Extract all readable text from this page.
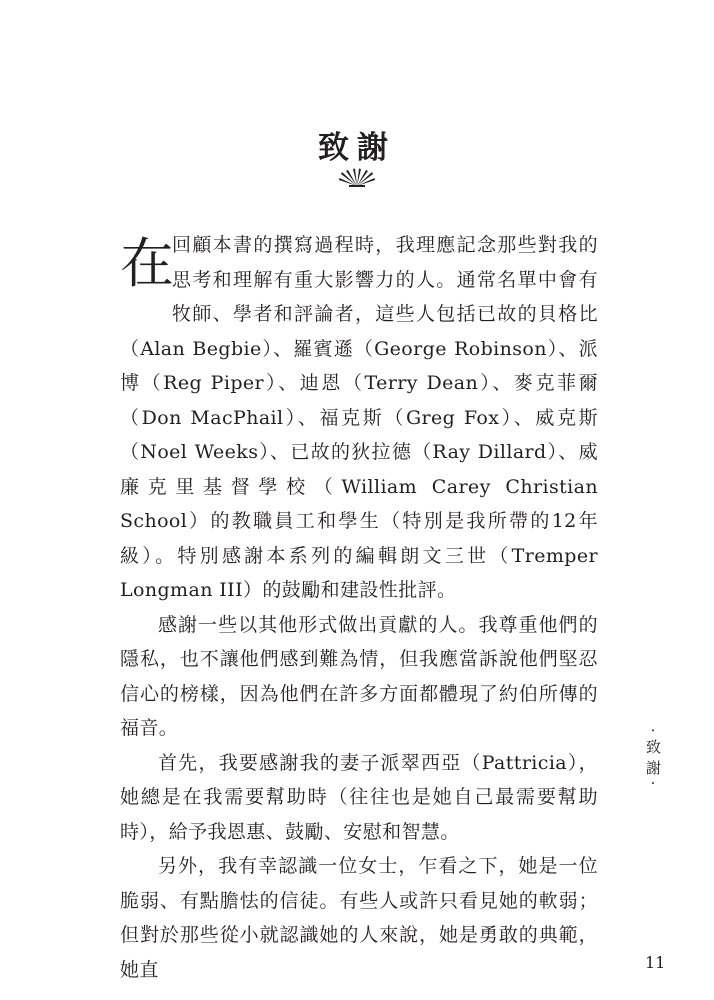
致謝

在
回顧本書的撰寫過程時，我理應記念那些對我的思考和理解有重大影響力的人。通常名單中會有牧師、學者和評論者，這些人包括已故的貝格比（Alan Begbie）、羅賓遜（George Robinson）、派博（Reg Piper）、迪恩（Terry Dean）、麥克菲爾（Don MacPhail）、福克斯（Greg Fox）、威克斯（Noel Weeks）、已故的狄拉德（Ray Dillard）、威廉克里基督學校（William Carey Christian School）的教職員工和學生（特別是我所帶的12年級）。特別感謝本系列的編輯朗文三世（Tremper Longman III）的鼓勵和建設性批評。

感謝一些以其他形式做出貢獻的人。我尊重他們的隱私，也不讓他們感到難為情，但我應當訴說他們堅忍信心的榜樣，因為他們在許多方面都體現了約伯所傳的福音。

首先，我要感謝我的妻子派翠西亞（Pattricia），她總是在我需要幫助時（往往也是她自己最需要幫助時），給予我恩惠、鼓勵、安慰和智慧。

另外，我有幸認識一位女士，乍看之下，她是一位脆弱、有點膽怯的信徒。有些人或許只看見她的軟弱；但對於那些從小就認識她的人來說，她是勇敢的典範，她直

·致謝·
11
